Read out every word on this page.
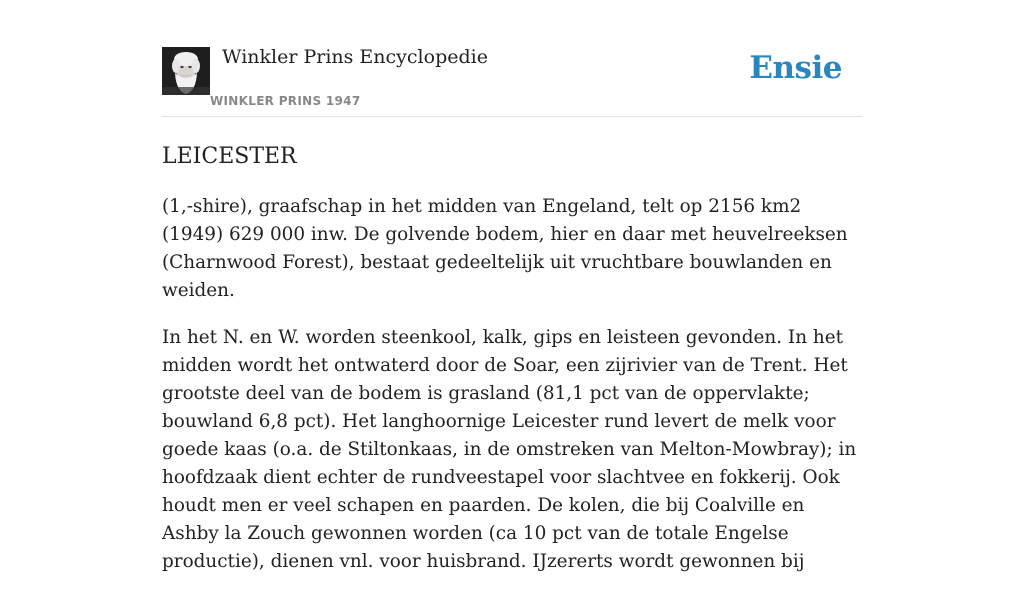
Winkler Prins Encyclopedie
WINKLER PRINS 1947
Ensie
LEICESTER

(1,-shire), graafschap in het midden van Engeland, telt op 2156 km2 (1949) 629 000 inw. De golvende bodem, hier en daar met heuvelreeksen (Charnwood Forest), bestaat gedeeltelijk uit vruchtbare bouwlanden en weiden.

In het N. en W. worden steenkool, kalk, gips en leisteen gevonden. In het midden wordt het ontwaterd door de Soar, een zijrivier van de Trent. Het grootste deel van de bodem is grasland (81,1 pct van de oppervlakte; bouwland 6,8 pct). Het langhoornige Leicester rund levert de melk voor goede kaas (o.a. de Stiltonkaas, in de omstreken van Melton-Mowbray); in hoofdzaak dient echter de rundveestapel voor slachtvee en fokkerij. Ook houdt men er veel schapen en paarden. De kolen, die bij Coalville en Ashby la Zouch gewonnen worden (ca 10 pct van de totale Engelse productie), dienen vnl. voor huisbrand. IJzererts wordt gewonnen bij
